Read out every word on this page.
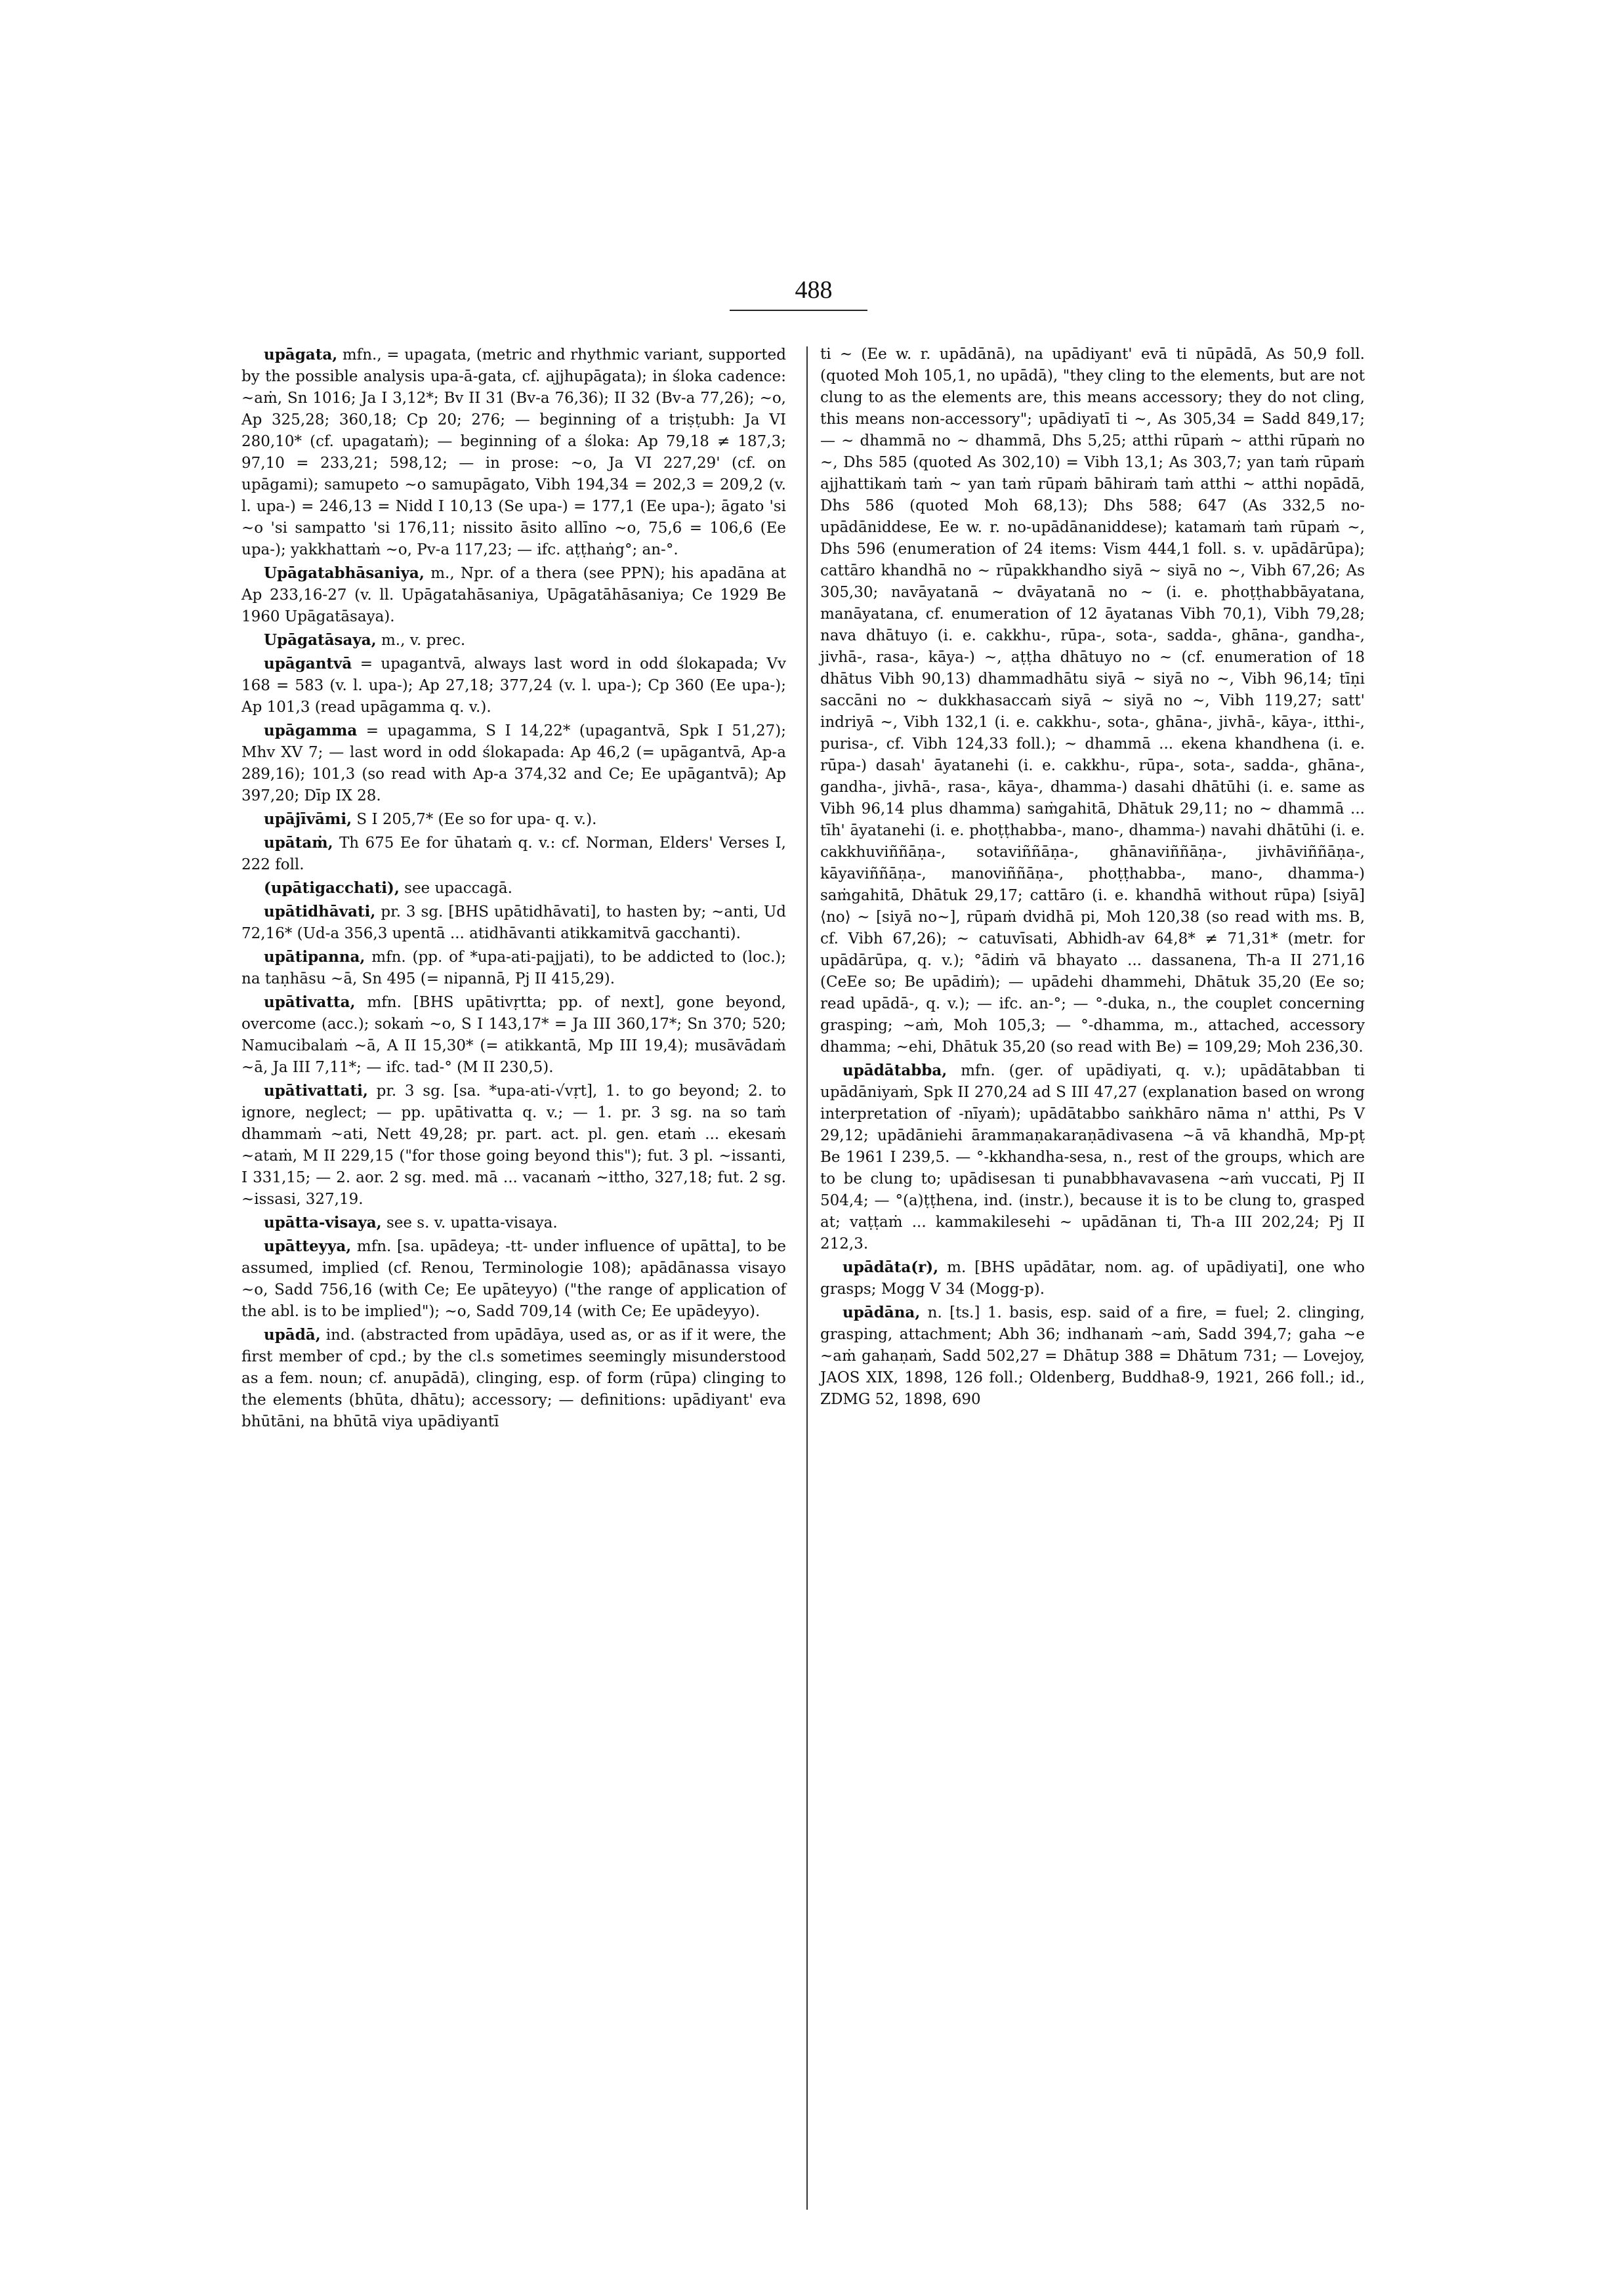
488

upāgata, mfn., = upagata, (metric and rhythmic variant, supported by the possible analysis upa-ā-gata, cf. ajjhupāgata); in śloka cadence: ~aṁ, Sn 1016; Ja I 3,12*; Bv II 31 (Bv-a 76,36); II 32 (Bv-a 77,26); ~o, Ap 325,28; 360,18; Cp 20; 276; — beginning of a triṣṭubh: Ja VI 280,10* (cf. upagataṁ); — beginning of a śloka: Ap 79,18 ≠ 187,3; 97,10 = 233,21; 598,12; — in prose: ~o, Ja VI 227,29' (cf. on upāgami); samupeto ~o samupāgato, Vibh 194,34 = 202,3 = 209,2 (v. l. upa-) = 246,13 = Nidd I 10,13 (Se upa-) = 177,1 (Ee upa-); āgato 'si ~o 'si sampatto 'si 176,11; nissito āsito allīno ~o, 75,6 = 106,6 (Ee upa-); yakkhattaṁ ~o, Pv-a 117,23; — ifc. aṭṭhaṅg°; an-°.

Upāgatabhāsaniya, m., Npr. of a thera (see PPN); his apadāna at Ap 233,16-27 (v. ll. Upāgatahāsaniya, Upāgatāhāsaniya; Ce 1929 Be 1960 Upāgatāsaya).

Upāgatāsaya, m., v. prec.

upāgantvā = upagantvā, always last word in odd ślokapada; Vv 168 = 583 (v. l. upa-); Ap 27,18; 377,24 (v. l. upa-); Cp 360 (Ee upa-); Ap 101,3 (read upāgamma q. v.).

upāgamma = upagamma, S I 14,22* (upagantvā, Spk I 51,27); Mhv XV 7; — last word in odd ślokapada: Ap 46,2 (= upāgantvā, Ap-a 289,16); 101,3 (so read with Ap-a 374,32 and Ce; Ee upāgantvā); Ap 397,20; Dīp IX 28.

upājīvāmi, S I 205,7* (Ee so for upa- q. v.).

upātaṁ, Th 675 Ee for ūhataṁ q. v.: cf. Norman, Elders' Verses I, 222 foll.

(upātigacchati), see upaccagā.

upātidhāvati, pr. 3 sg. [BHS upātidhāvati], to hasten by; ~anti, Ud 72,16* (Ud-a 356,3 upentā ... atidhāvanti atikkamitvā gacchanti).

upātipanna, mfn. (pp. of *upa-ati-pajjati), to be addicted to (loc.); na taṇhāsu ~ā, Sn 495 (= nipannā, Pj II 415,29).

upātivatta, mfn. [BHS upātivṛtta; pp. of next], gone beyond, overcome (acc.); sokaṁ ~o, S I 143,17* = Ja III 360,17*; Sn 370; 520; Namucibalaṁ ~ā, A II 15,30* (= atikkantā, Mp III 19,4); musāvādaṁ ~ā, Ja III 7,11*; — ifc. tad-° (M II 230,5).

upātivattati, pr. 3 sg. [sa. *upa-ati-√vṛt], 1. to go beyond; 2. to ignore, neglect; — pp. upātivatta q. v.; — 1. pr. 3 sg. na so taṁ dhammaṁ ~ati, Nett 49,28; pr. part. act. pl. gen. etaṁ ... ekesaṁ ~ataṁ, M II 229,15 ("for those going beyond this"); fut. 3 pl. ~issanti, I 331,15; — 2. aor. 2 sg. med. mā ... vacanaṁ ~ittho, 327,18; fut. 2 sg. ~issasi, 327,19.

upātta-visaya, see s. v. upatta-visaya.

upātteyya, mfn. [sa. upādeya; -tt- under influence of upātta], to be assumed, implied (cf. Renou, Terminologie 108); apādānassa visayo ~o, Sadd 756,16 (with Ce; Ee upāteyyo) ("the range of application of the abl. is to be implied"); ~o, Sadd 709,14 (with Ce; Ee upādeyyo).

upādā, ind. (abstracted from upādāya, used as, or as if it were, the first member of cpd.; by the cl.s sometimes seemingly misunderstood as a fem. noun; cf. anupādā), clinging, esp. of form (rūpa) clinging to the elements (bhūta, dhātu); accessory; — definitions: upādiyant' eva bhūtāni, na bhūtā viya upādiyantī

ti ~ (Ee w. r. upādānā), na upādiyant' evā ti nūpādā, As 50,9 foll. (quoted Moh 105,1, no upādā), "they cling to the elements, but are not clung to as the elements are, this means accessory; they do not cling, this means non-accessory"; upādiyatī ti ~, As 305,34 = Sadd 849,17; — ~ dhammā no ~ dhammā, Dhs 5,25; atthi rūpaṁ ~ atthi rūpaṁ no ~, Dhs 585 (quoted As 302,10) = Vibh 13,1; As 303,7; yan taṁ rūpaṁ ajjhattikaṁ taṁ ~ yan taṁ rūpaṁ bāhiraṁ taṁ atthi ~ atthi nopādā, Dhs 586 (quoted Moh 68,13); Dhs 588; 647 (As 332,5 no-upādāniddese, Ee w. r. no-upādānaniddese); katamaṁ taṁ rūpaṁ ~, Dhs 596 (enumeration of 24 items: Vism 444,1 foll. s. v. upādārūpa); cattāro khandhā no ~ rūpakkhandho siyā ~ siyā no ~, Vibh 67,26; As 305,30; navāyatanā ~ dvāyatanā no ~ (i. e. phoṭṭhabbāyatana, manāyatana, cf. enumeration of 12 āyatanas Vibh 70,1), Vibh 79,28; nava dhātuyo (i. e. cakkhu-, rūpa-, sota-, sadda-, ghāna-, gandha-, jivhā-, rasa-, kāya-) ~, aṭṭha dhātuyo no ~ (cf. enumeration of 18 dhātus Vibh 90,13) dhammadhātu siyā ~ siyā no ~, Vibh 96,14; tīṇi saccāni no ~ dukkhasaccaṁ siyā ~ siyā no ~, Vibh 119,27; satt' indriyā ~, Vibh 132,1 (i. e. cakkhu-, sota-, ghāna-, jivhā-, kāya-, itthi-, purisa-, cf. Vibh 124,33 foll.); ~ dhammā ... ekena khandhena (i. e. rūpa-) dasah' āyatanehi (i. e. cakkhu-, rūpa-, sota-, sadda-, ghāna-, gandha-, jivhā-, rasa-, kāya-, dhamma-) dasahi dhātūhi (i. e. same as Vibh 96,14 plus dhamma) saṁgahitā, Dhātuk 29,11; no ~ dhammā ... tīh' āyatanehi (i. e. phoṭṭhabba-, mano-, dhamma-) navahi dhātūhi (i. e. cakkhuviññāṇa-, sotaviññāṇa-, ghānaviññāṇa-, jivhāviññāṇa-, kāyaviññāṇa-, manoviññāṇa-, phoṭṭhabba-, mano-, dhamma-) saṁgahitā, Dhātuk 29,17; cattāro (i. e. khandhā without rūpa) [siyā] ⟨no⟩ ~ [siyā no~], rūpaṁ dvidhā pi, Moh 120,38 (so read with ms. B, cf. Vibh 67,26); ~ catuvīsati, Abhidh-av 64,8* ≠ 71,31* (metr. for upādārūpa, q. v.); °ādiṁ vā bhayato ... dassanena, Th-a II 271,16 (CeEe so; Be upādiṁ); — upādehi dhammehi, Dhātuk 35,20 (Ee so; read upādā-, q. v.); — ifc. an-°; — °-duka, n., the couplet concerning grasping; ~aṁ, Moh 105,3; — °-dhamma, m., attached, accessory dhamma; ~ehi, Dhātuk 35,20 (so read with Be) = 109,29; Moh 236,30.

upādātabba, mfn. (ger. of upādiyati, q. v.); upādātabban ti upādāniyaṁ, Spk II 270,24 ad S III 47,27 (explanation based on wrong interpretation of -nīyaṁ); upādātabbo saṅkhāro nāma n' atthi, Ps V 29,12; upādāniehi ārammaṇakaraṇādivasena ~ā vā khandhā, Mp-pṭ Be 1961 I 239,5. — °-kkhandha-sesa, n., rest of the groups, which are to be clung to; upādisesan ti punabbhavavasena ~aṁ vuccati, Pj II 504,4; — °(a)ṭṭhena, ind. (instr.), because it is to be clung to, grasped at; vaṭṭaṁ ... kammakilesehi ~ upādānan ti, Th-a III 202,24; Pj II 212,3.

upādāta(r), m. [BHS upādātar, nom. ag. of upādiyati], one who grasps; Mogg V 34 (Mogg-p).

upādāna, n. [ts.] 1. basis, esp. said of a fire, = fuel; 2. clinging, grasping, attachment; Abh 36; indhanaṁ ~aṁ, Sadd 394,7; gaha ~e ~aṁ gahaṇaṁ, Sadd 502,27 = Dhātup 388 = Dhātum 731; — Lovejoy, JAOS XIX, 1898, 126 foll.; Oldenberg, Buddha8-9, 1921, 266 foll.; id., ZDMG 52, 1898, 690
